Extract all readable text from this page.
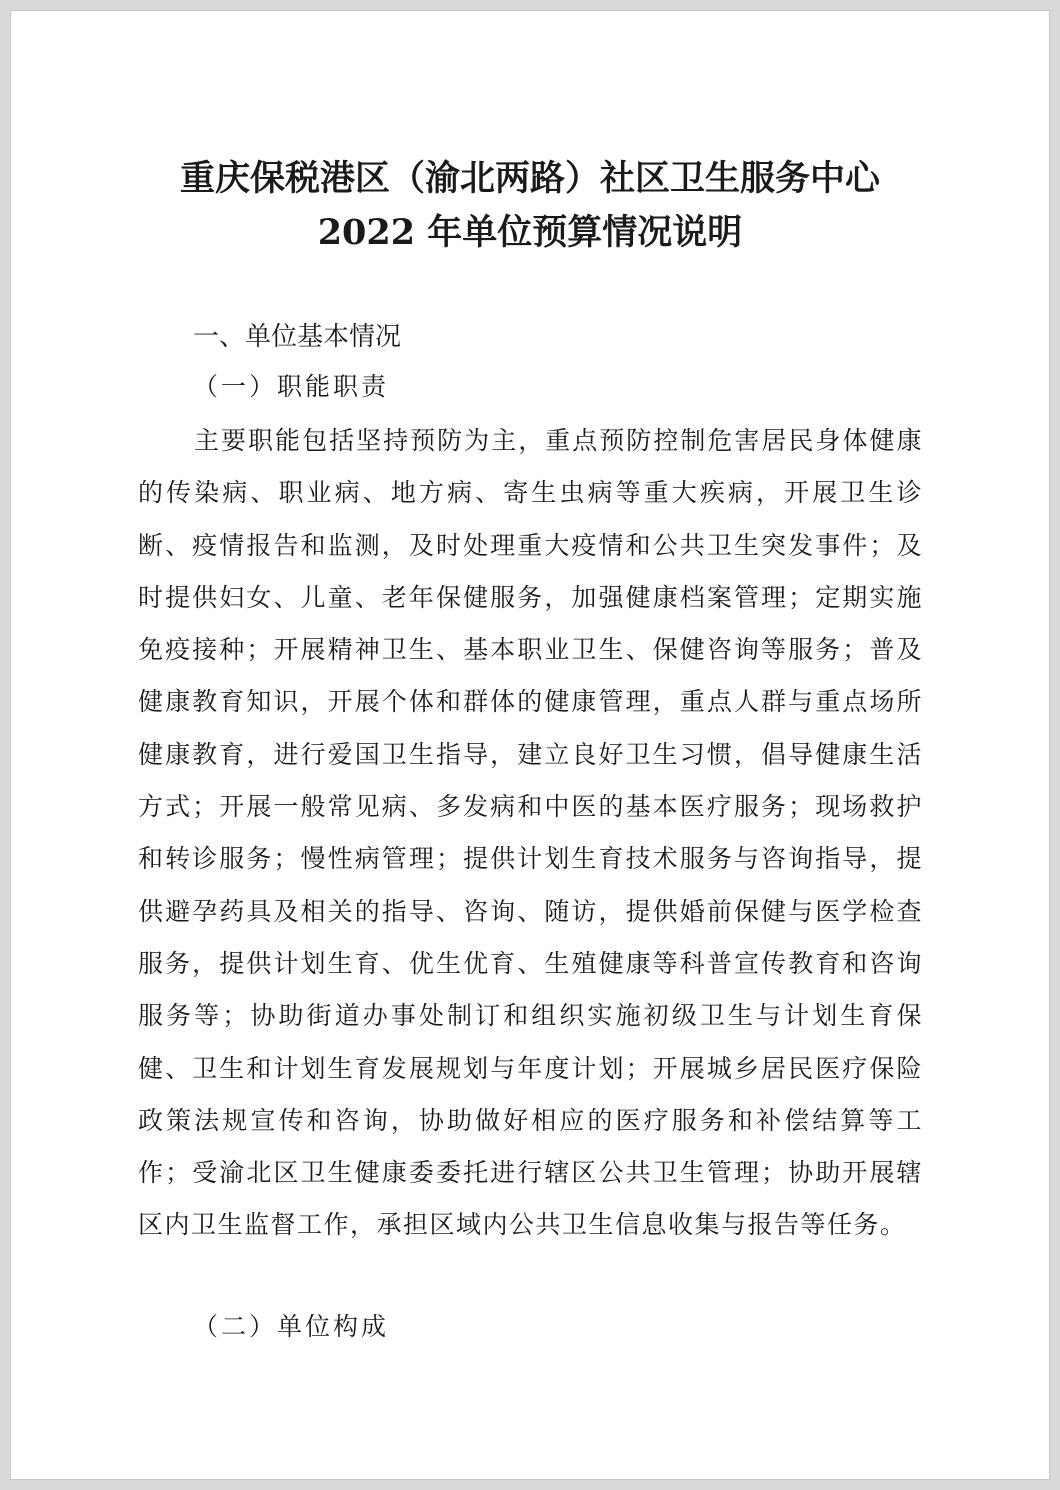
重庆保税港区（渝北两路）社区卫生服务中心
2022 年单位预算情况说明
一、单位基本情况
（一）职能职责

主要职能包括坚持预防为主，重点预防控制危害居民身体健康的传染病、职业病、地方病、寄生虫病等重大疾病，开展卫生诊断、疫情报告和监测，及时处理重大疫情和公共卫生突发事件；及时提供妇女、儿童、老年保健服务，加强健康档案管理；定期实施免疫接种；开展精神卫生、基本职业卫生、保健咨询等服务；普及健康教育知识，开展个体和群体的健康管理，重点人群与重点场所健康教育，进行爱国卫生指导，建立良好卫生习惯，倡导健康生活方式；开展一般常见病、多发病和中医的基本医疗服务；现场救护和转诊服务；慢性病管理；提供计划生育技术服务与咨询指导，提供避孕药具及相关的指导、咨询、随访，提供婚前保健与医学检查服务，提供计划生育、优生优育、生殖健康等科普宣传教育和咨询服务等；协助街道办事处制订和组织实施初级卫生与计划生育保健、卫生和计划生育发展规划与年度计划；开展城乡居民医疗保险政策法规宣传和咨询，协助做好相应的医疗服务和补偿结算等工作；受渝北区卫生健康委委托进行辖区公共卫生管理；协助开展辖区内卫生监督工作，承担区域内公共卫生信息收集与报告等任务。

（二）单位构成
